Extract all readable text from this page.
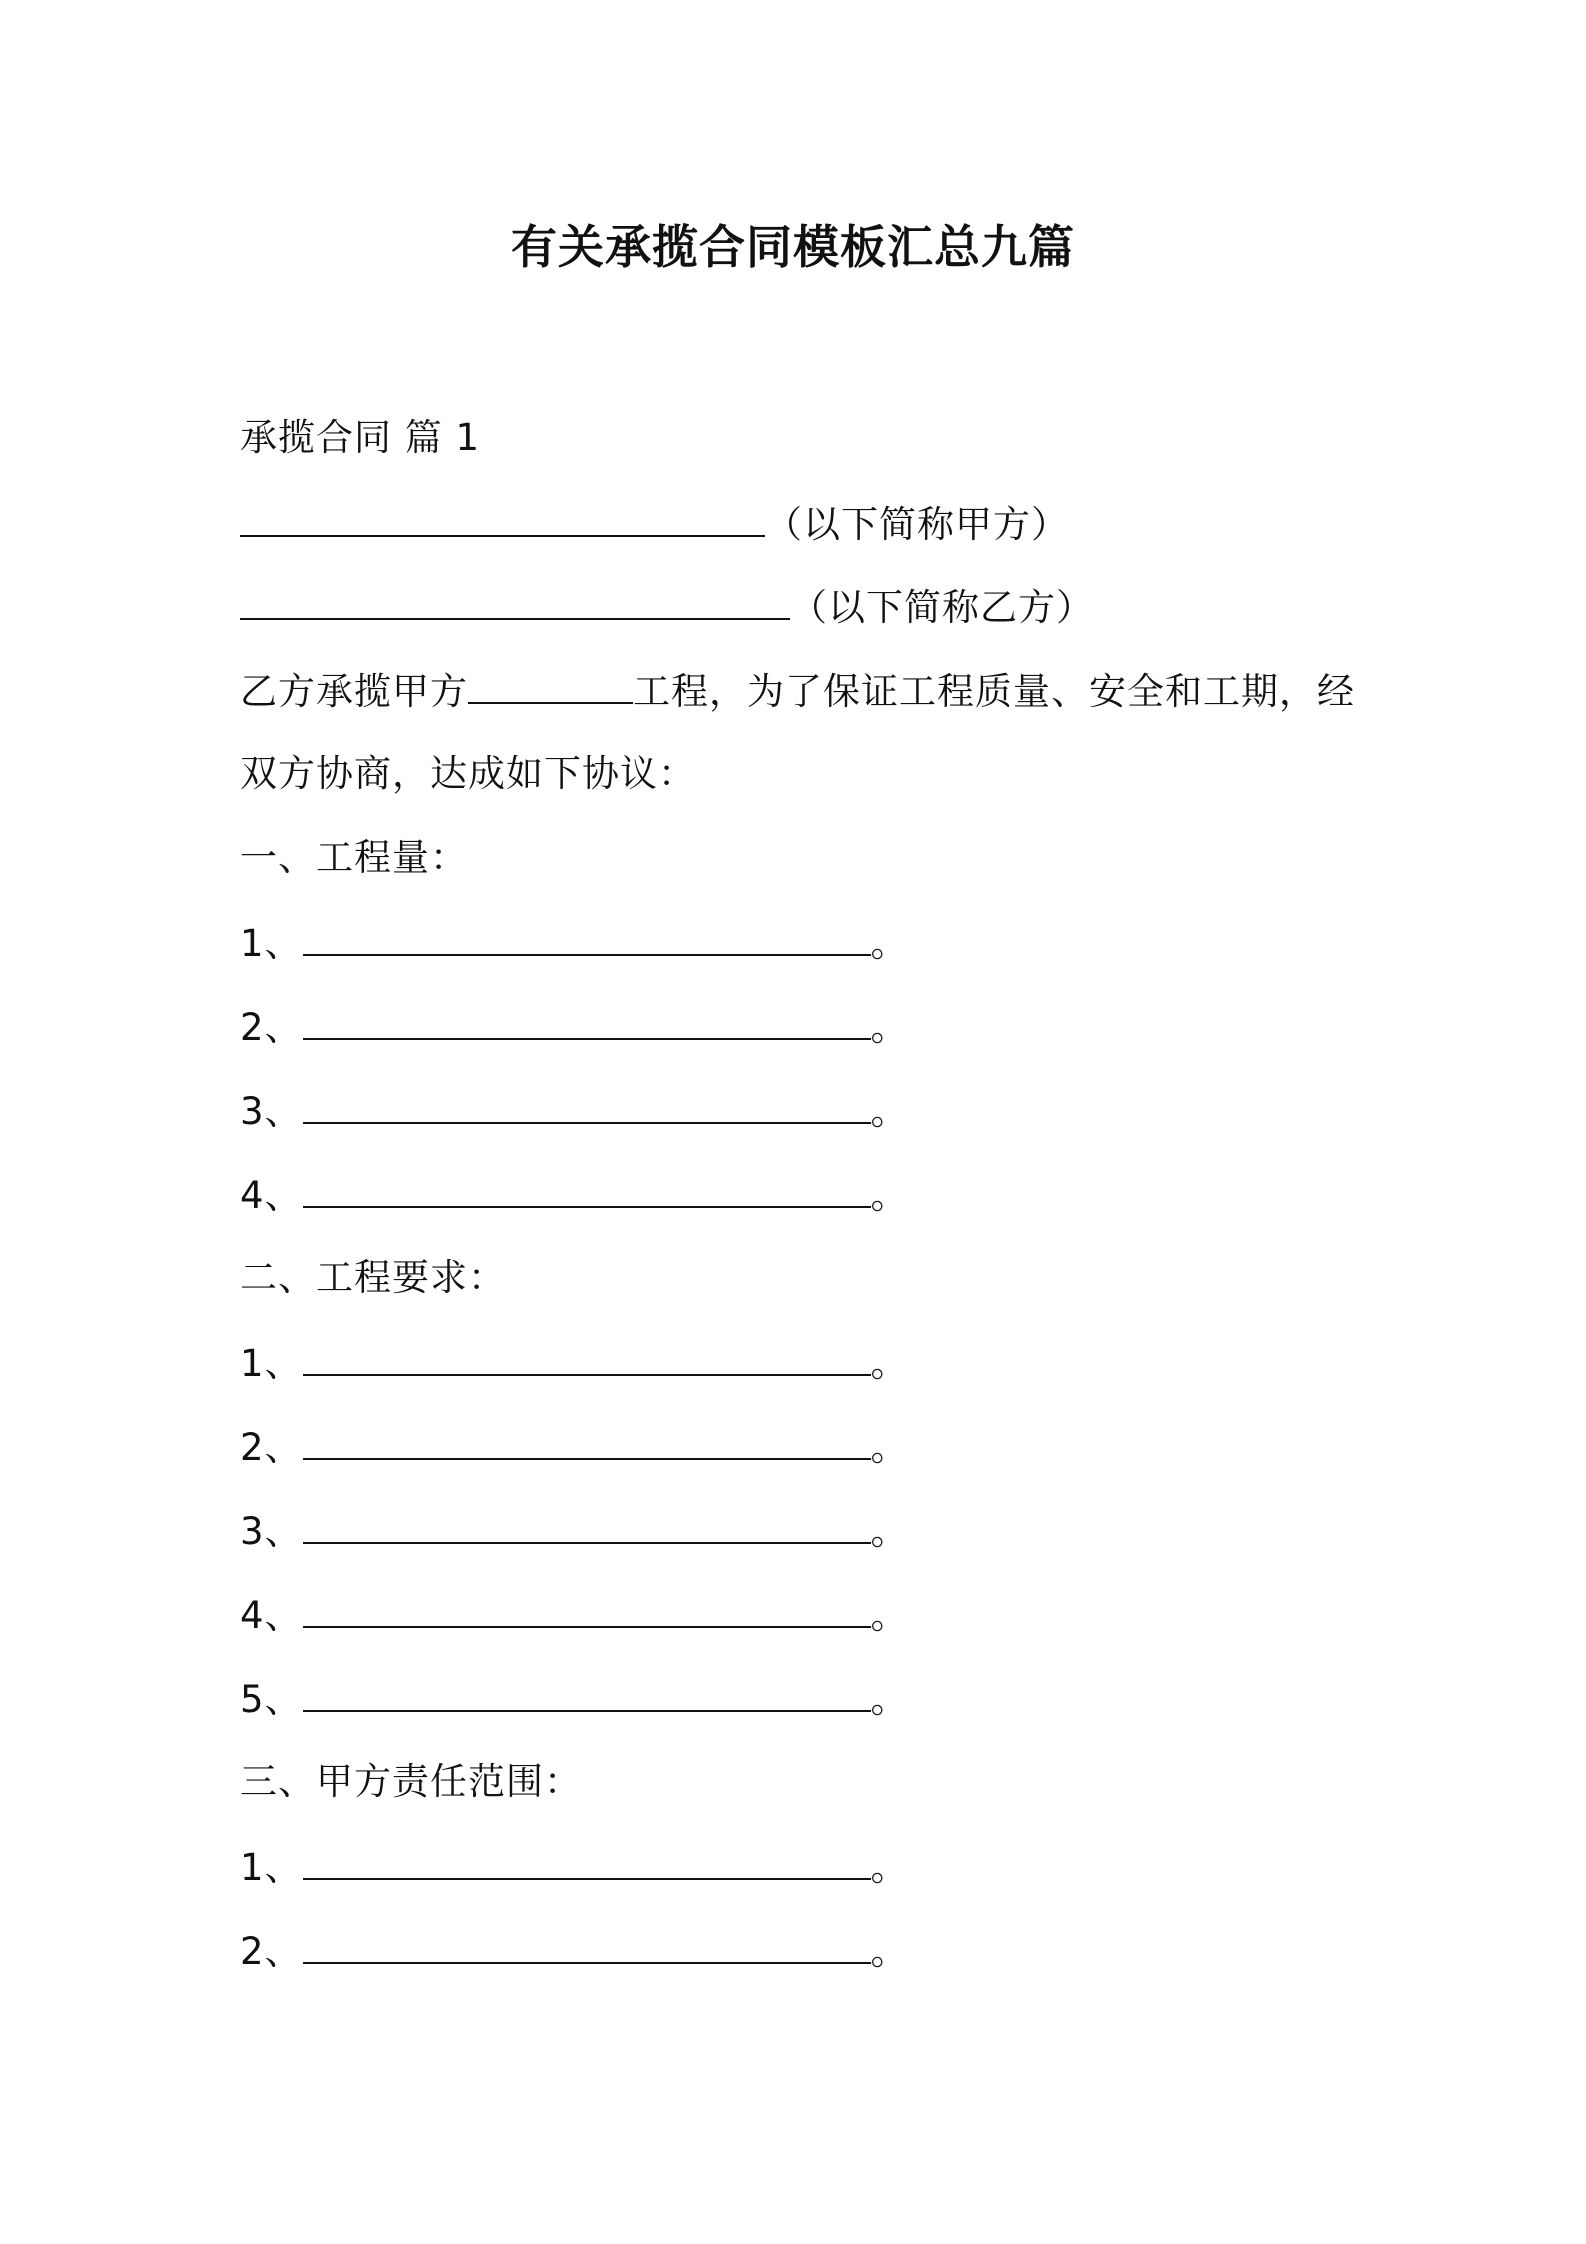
有关承揽合同模板汇总九篇
承揽合同 篇 1
（以下简称甲方）
（以下简称乙方）
乙方承揽甲方	工程，为了保证工程质量、安全和工期，经
双方协商，达成如下协议：
一、工程量：
1、	。
2、	。
3、	。
4、	。
二、工程要求：
1、	。
2、	。
3、	。
4、	。
5、	。
三、甲方责任范围：
1、	。
2、	。
